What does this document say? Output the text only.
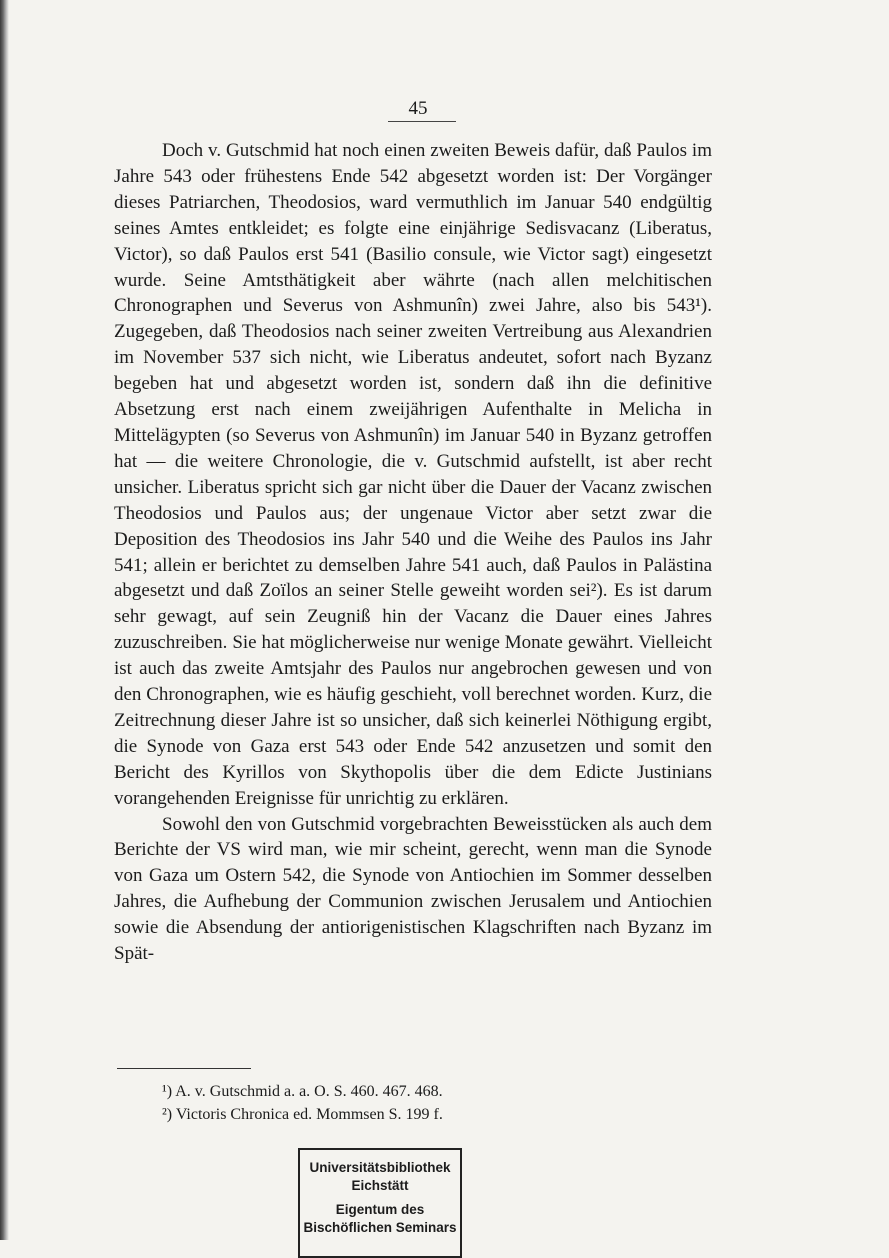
45

Doch v. Gutschmid hat noch einen zweiten Beweis dafür, daß Paulos im Jahre 543 oder frühestens Ende 542 abgesetzt worden ist: Der Vorgänger dieses Patriarchen, Theodosios, ward vermuthlich im Januar 540 endgültig seines Amtes entkleidet; es folgte eine einjährige Sedisvacanz (Liberatus, Victor), so daß Paulos erst 541 (Basilio consule, wie Victor sagt) eingesetzt wurde. Seine Amtsthätigkeit aber währte (nach allen melchitischen Chronographen und Severus von Ashmunîn) zwei Jahre, also bis 543¹). Zugegeben, daß Theodosios nach seiner zweiten Vertreibung aus Alexandrien im November 537 sich nicht, wie Liberatus andeutet, sofort nach Byzanz begeben hat und abgesetzt worden ist, sondern daß ihn die definitive Absetzung erst nach einem zweijährigen Aufenthalte in Melicha in Mittelägypten (so Severus von Ashmunîn) im Januar 540 in Byzanz getroffen hat — die weitere Chronologie, die v. Gutschmid aufstellt, ist aber recht unsicher. Liberatus spricht sich gar nicht über die Dauer der Vacanz zwischen Theodosios und Paulos aus; der ungenaue Victor aber setzt zwar die Deposition des Theodosios ins Jahr 540 und die Weihe des Paulos ins Jahr 541; allein er berichtet zu demselben Jahre 541 auch, daß Paulos in Palästina abgesetzt und daß Zoïlos an seiner Stelle geweiht worden sei²). Es ist darum sehr gewagt, auf sein Zeugniß hin der Vacanz die Dauer eines Jahres zuzuschreiben. Sie hat möglicherweise nur wenige Monate gewährt. Vielleicht ist auch das zweite Amtsjahr des Paulos nur angebrochen gewesen und von den Chronographen, wie es häufig geschieht, voll berechnet worden. Kurz, die Zeitrechnung dieser Jahre ist so unsicher, daß sich keinerlei Nöthigung ergibt, die Synode von Gaza erst 543 oder Ende 542 anzusetzen und somit den Bericht des Kyrillos von Skythopolis über die dem Edicte Justinians vorangehenden Ereignisse für unrichtig zu erklären.

Sowohl den von Gutschmid vorgebrachten Beweisstücken als auch dem Berichte der VS wird man, wie mir scheint, gerecht, wenn man die Synode von Gaza um Ostern 542, die Synode von Antiochien im Sommer desselben Jahres, die Aufhebung der Communion zwischen Jerusalem und Antiochien sowie die Absendung der antiorigenistischen Klagschriften nach Byzanz im Spät-

¹) A. v. Gutschmid a. a. O. S. 460. 467. 468.

²) Victoris Chronica ed. Mommsen S. 199 f.

Universitätsbibliothek
Eichstätt
Eigentum des
Bischöflichen Seminars
